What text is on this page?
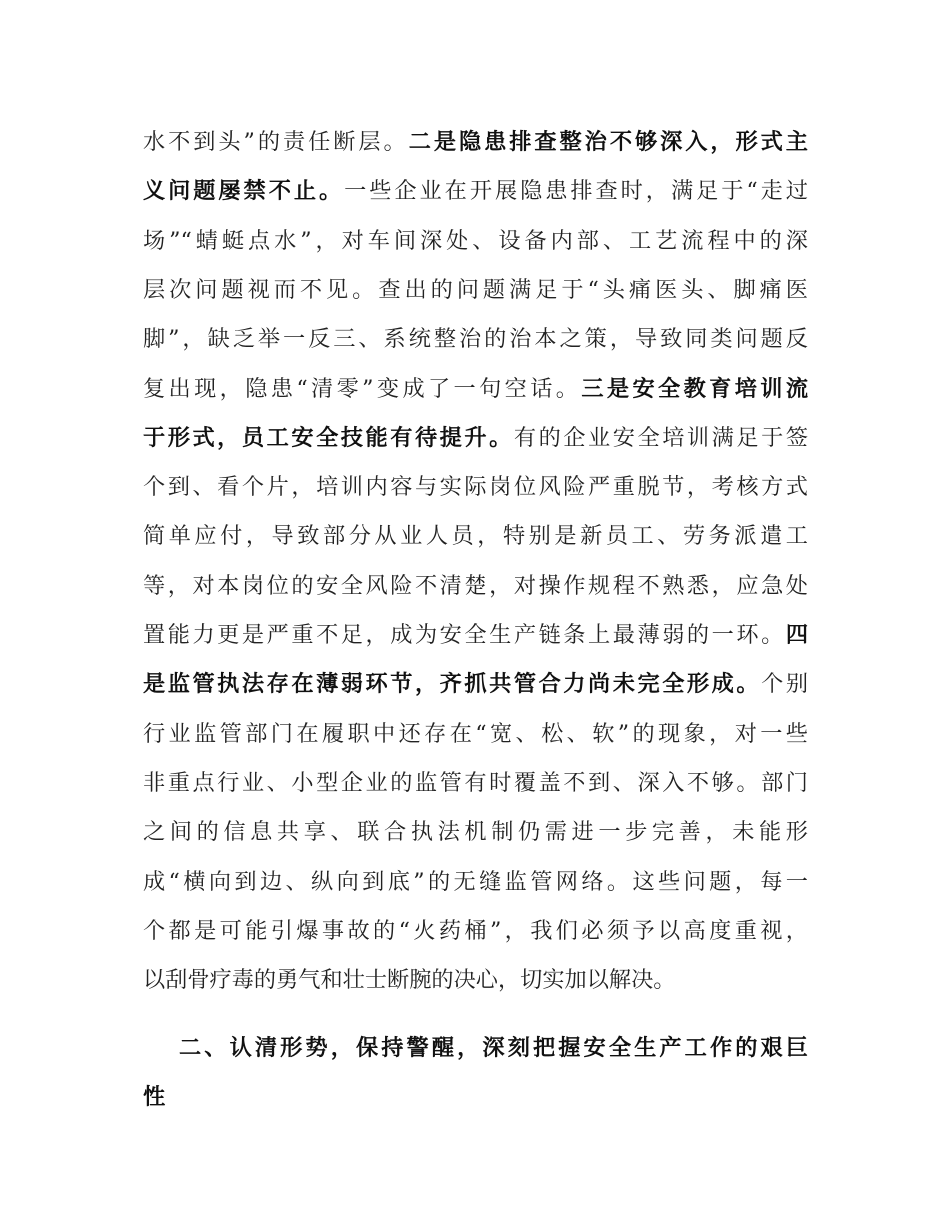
水不到头”的责任断层。二是隐患排查整治不够深入，形式主
义问题屡禁不止。一些企业在开展隐患排查时，满足于“走过
场”“蜻蜓点水”，对车间深处、设备内部、工艺流程中的深
层次问题视而不见。查出的问题满足于“头痛医头、脚痛医
脚”，缺乏举一反三、系统整治的治本之策，导致同类问题反
复出现，隐患“清零”变成了一句空话。三是安全教育培训流
于形式，员工安全技能有待提升。有的企业安全培训满足于签
个到、看个片，培训内容与实际岗位风险严重脱节，考核方式
简单应付，导致部分从业人员，特别是新员工、劳务派遣工
等，对本岗位的安全风险不清楚，对操作规程不熟悉，应急处
置能力更是严重不足，成为安全生产链条上最薄弱的一环。四
是监管执法存在薄弱环节，齐抓共管合力尚未完全形成。个别
行业监管部门在履职中还存在“宽、松、软”的现象，对一些
非重点行业、小型企业的监管有时覆盖不到、深入不够。部门
之间的信息共享、联合执法机制仍需进一步完善，未能形
成“横向到边、纵向到底”的无缝监管网络。这些问题，每一
个都是可能引爆事故的“火药桶”，我们必须予以高度重视，
以刮骨疗毒的勇气和壮士断腕的决心，切实加以解决。
二、认清形势，保持警醒，深刻把握安全生产工作的艰巨
性
